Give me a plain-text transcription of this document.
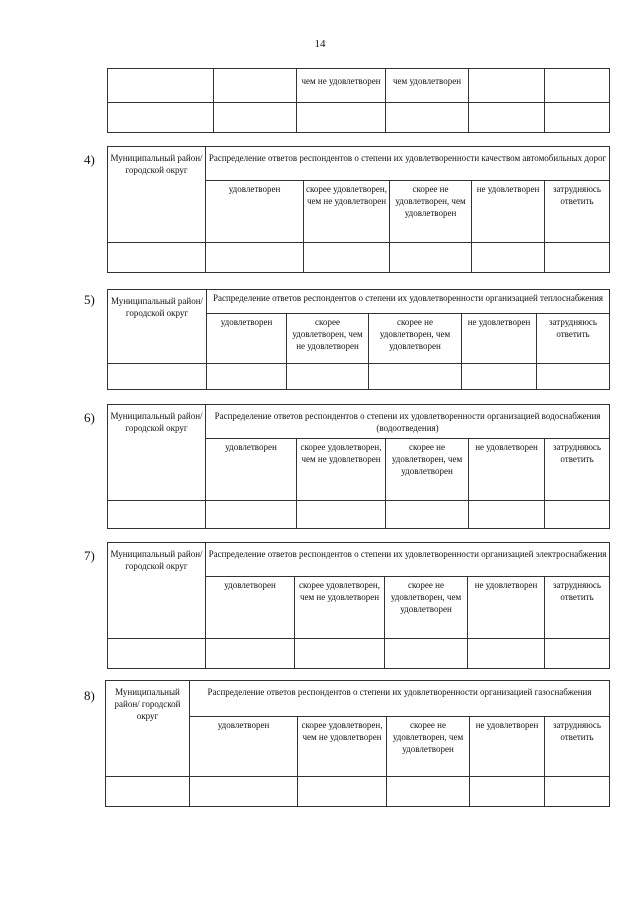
14
		чем не удовлетворен	чем удовлетворен		

4) Муниципальный район/ городской округ	Распределение ответов респондентов о степени их удовлетворенности качеством автомобильных дорог				
	удовлетворен	скорее удовлетворен, чем не удовлетворен	скорее не удовлетворен, чем удовлетворен	не удовлетворен	затрудняюсь ответить

5) Муниципальный район/ городской округ	Распределение ответов респондентов о степени их удовлетворенности организацией теплоснабжения				
	удовлетворен	скорее удовлетворен, чем не удовлетворен	скорее не удовлетворен, чем удовлетворен	не удовлетворен	затрудняюсь ответить

6) Муниципальный район/ городской округ	Распределение ответов респондентов о степени их удовлетворенности организацией водоснабжения (водоотведения)				
	удовлетворен	скорее удовлетворен, чем не удовлетворен	скорее не удовлетворен, чем удовлетворен	не удовлетворен	затрудняюсь ответить

7) Муниципальный район/ городской округ	Распределение ответов респондентов о степени их удовлетворенности организацией электроснабжения				
	удовлетворен	скорее удовлетворен, чем не удовлетворен	скорее не удовлетворен, чем удовлетворен	не удовлетворен	затрудняюсь ответить

8) Муниципальный район/ городской округ	Распределение ответов респондентов о степени их удовлетворенности организацией газоснабжения				
	удовлетворен	скорее удовлетворен, чем не удовлетворен	скорее не удовлетворен, чем удовлетворен	не удовлетворен	затрудняюсь ответить
